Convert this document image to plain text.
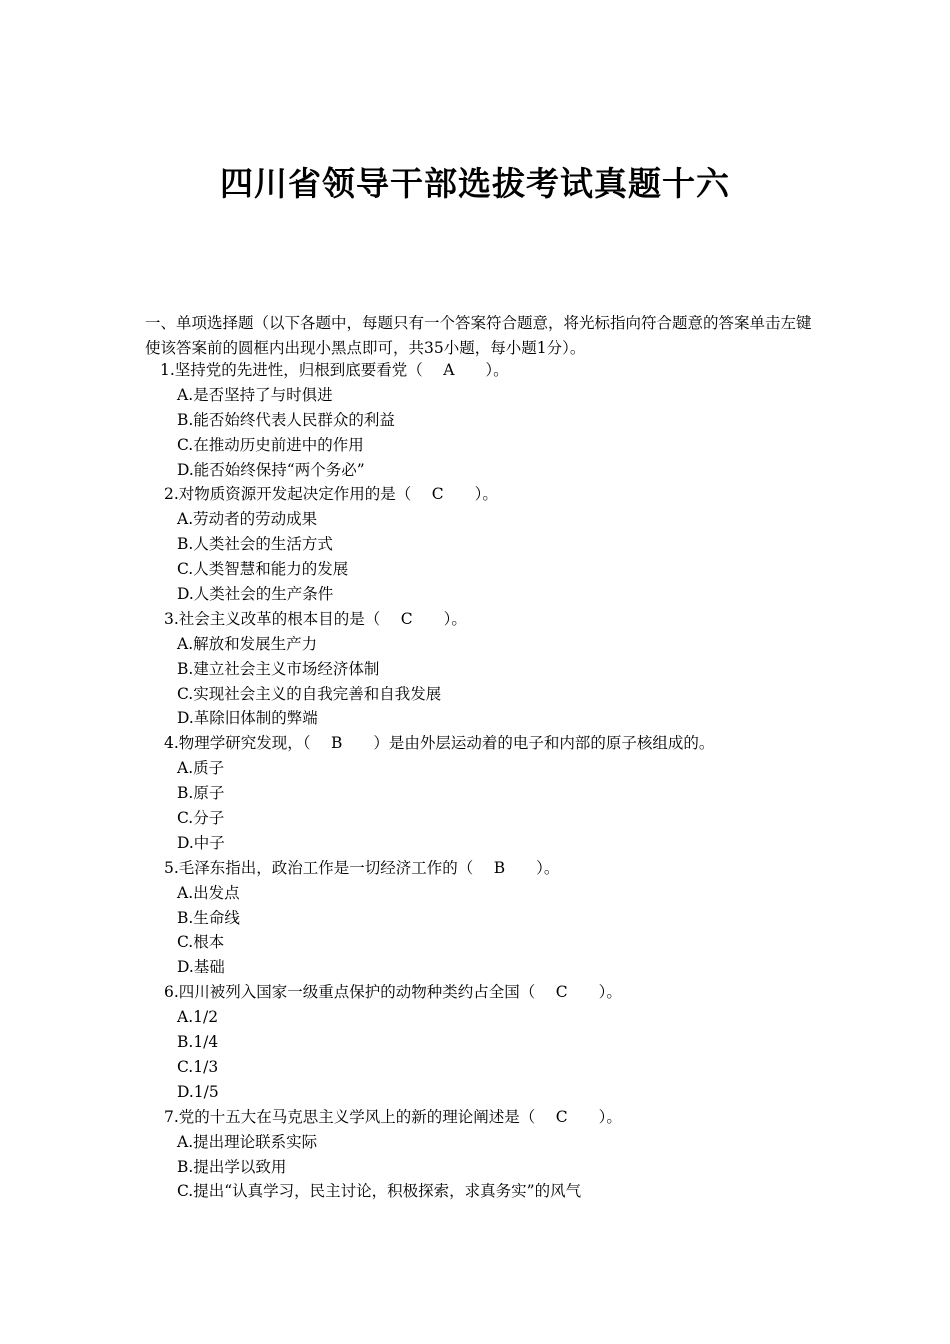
四川省领导干部选拔考试真题十六

一、单项选择题（以下各题中，每题只有一个答案符合题意，将光标指向符合题意的答案单击左键使该答案前的圆框内出现小黑点即可，共35小题，每小题1分）。

1.坚持党的先进性，归根到底要看党（　 A　　）。
A.是否坚持了与时俱进
B.能否始终代表人民群众的利益
C.在推动历史前进中的作用
D.能否始终保持“两个务必”
2.对物质资源开发起决定作用的是（　 C　　）。
A.劳动者的劳动成果
B.人类社会的生活方式
C.人类智慧和能力的发展
D.人类社会的生产条件
3.社会主义改革的根本目的是（　 C　　）。
A.解放和发展生产力
B.建立社会主义市场经济体制
C.实现社会主义的自我完善和自我发展
D.革除旧体制的弊端
4.物理学研究发现，（　 B　　）是由外层运动着的电子和内部的原子核组成的。
A.质子
B.原子
C.分子
D.中子
5.毛泽东指出，政治工作是一切经济工作的（　 B　　）。
A.出发点
B.生命线
C.根本
D.基础
6.四川被列入国家一级重点保护的动物种类约占全国（　 C　　）。
A.1/2
B.1/4
C.1/3
D.1/5
7.党的十五大在马克思主义学风上的新的理论阐述是（　 C　　）。
A.提出理论联系实际
B.提出学以致用
C.提出“认真学习，民主讨论，积极探索，求真务实”的风气
